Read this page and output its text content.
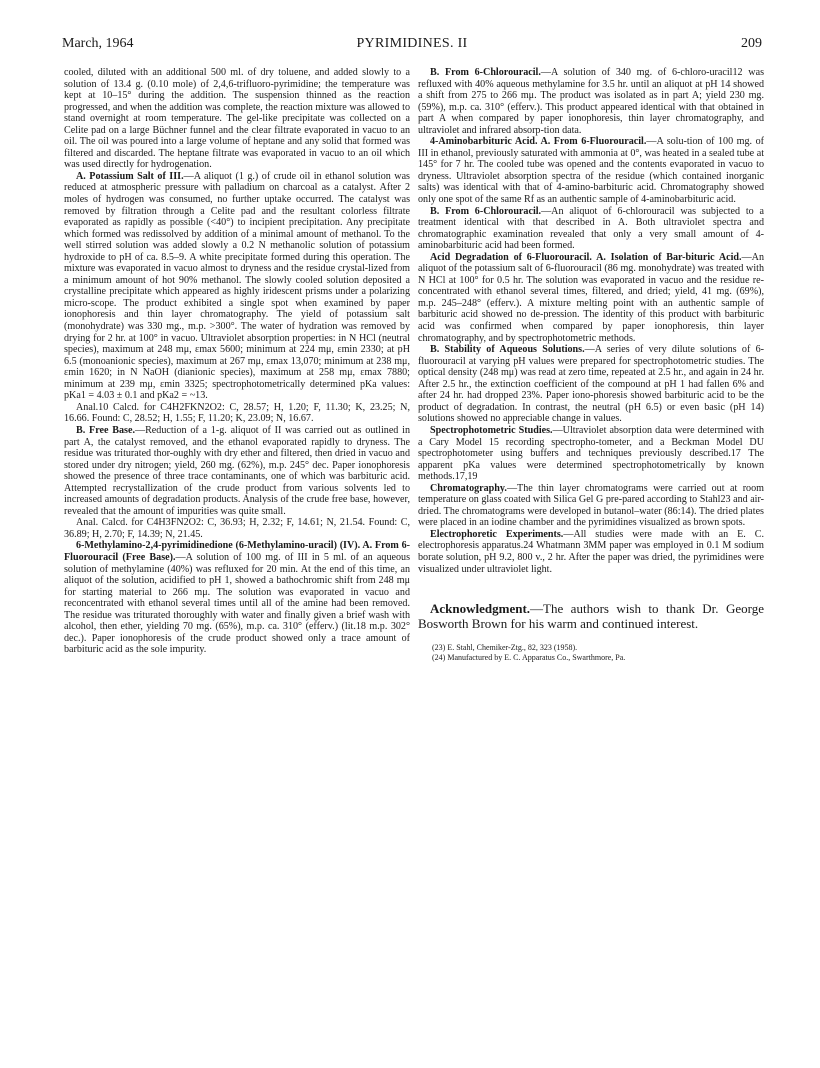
March, 1964	PYRIMIDINES. II	209

cooled, diluted with an additional 500 ml. of dry toluene, and added slowly to a solution of 13.4 g. (0.10 mole) of 2,4,6-trifluoro-pyrimidine; the temperature was kept at 10–15° during the addition. The suspension thinned as the reaction progressed, and when the addition was complete, the reaction mixture was allowed to stand overnight at room temperature. The gel-like precipitate was collected on a Celite pad on a large Büchner funnel and the clear filtrate evaporated in vacuo to an oil. The oil was poured into a large volume of heptane and any solid that formed was filtered and discarded. The heptane filtrate was evaporated in vacuo to an oil which was used directly for hydrogenation.

A. Potassium Salt of III.—A aliquot (1 g.) of crude oil in ethanol solution was reduced at atmospheric pressure with palladium on charcoal as a catalyst. After 2 moles of hydrogen was consumed, no further uptake occurred. The catalyst was removed by filtration through a Celite pad and the resultant colorless filtrate evaporated as rapidly as possible (<40°) to incipient precipitation. Any precipitate which formed was redissolved by addition of a minimal amount of methanol. To the well stirred solution was added slowly a 0.2 N methanolic solution of potassium hydroxide to pH of ca. 8.5–9. A white precipitate formed during this operation. The mixture was evaporated in vacuo almost to dryness and the residue crystal-lized from a minimum amount of hot 90% methanol. The slowly cooled solution deposited a crystalline precipitate which appeared as highly iridescent prisms under a polarizing micro-scope. The product exhibited a single spot when examined by paper ionophoresis and thin layer chromatography. The yield of potassium salt (monohydrate) was 330 mg., m.p. >300°. The water of hydration was removed by drying for 2 hr. at 100° in vacuo. Ultraviolet absorption properties: in N HCl (neutral species), maximum at 248 mμ, εmax 5600; minimum at 224 mμ, εmin 2330; at pH 6.5 (monoanionic species), maximum at 267 mμ, εmax 13,070; minimum at 238 mμ, εmin 1620; in N NaOH (dianionic species), maximum at 258 mμ, εmax 7880; minimum at 239 mμ, εmin 3325; spectrophotometrically determined pKa values: pKa1 = 4.03 ± 0.1 and pKa2 = ~13.

Anal.10 Calcd. for C4H2FKN2O2: C, 28.57; H, 1.20; F, 11.30; K, 23.25; N, 16.66. Found: C, 28.52; H, 1.55; F, 11.20; K, 23.09; N, 16.67.

B. Free Base.—Reduction of a 1-g. aliquot of II was carried out as outlined in part A, the catalyst removed, and the ethanol evaporated rapidly to dryness. The residue was triturated thor-oughly with dry ether and filtered, then dried in vacuo and stored under dry nitrogen; yield, 260 mg. (62%), m.p. 245° dec. Paper ionophoresis showed the presence of three trace contaminants, one of which was barbituric acid. Attempted recrystallization of the crude product from various solvents led to increased amounts of degradation products. Analysis of the crude free base, however, revealed that the amount of impurities was quite small.

Anal. Calcd. for C4H3FN2O2: C, 36.93; H, 2.32; F, 14.61; N, 21.54. Found: C, 36.89; H, 2.70; F, 14.39; N, 21.45.

6-Methylamino-2,4-pyrimidinedione (6-Methylamino-uracil) (IV). A. From 6-Fluorouracil (Free Base).—A solution of 100 mg. of III in 5 ml. of an aqueous solution of methylamine (40%) was refluxed for 20 min. At the end of this time, an aliquot of the solution, acidified to pH 1, showed a bathochromic shift from 248 mμ for starting material to 266 mμ. The solution was evaporated in vacuo and reconcentrated with ethanol several times until all of the amine had been removed. The residue was triturated thoroughly with water and finally given a brief wash with alcohol, then ether, yielding 70 mg. (65%), m.p. ca. 310° (efferv.) (lit.18 m.p. 302° dec.). Paper ionophoresis of the crude product showed only a trace amount of barbituric acid as the sole impurity.

B. From 6-Chlorouracil.—A solution of 340 mg. of 6-chloro-uracil12 was refluxed with 40% aqueous methylamine for 3.5 hr. until an aliquot at pH 14 showed a shift from 275 to 266 mμ. The product was isolated as in part A; yield 230 mg. (59%), m.p. ca. 310° (efferv.). This product appeared identical with that obtained in part A when compared by paper ionophoresis, thin layer chromatography, and ultraviolet and infrared absorp-tion data.

4-Aminobarbituric Acid. A. From 6-Fluorouracil.—A solu-tion of 100 mg. of III in ethanol, previously saturated with ammonia at 0°, was heated in a sealed tube at 145° for 7 hr. The cooled tube was opened and the contents evaporated in vacuo to dryness. Ultraviolet absorption spectra of the residue (which contained inorganic salts) was identical with that of 4-amino-barbituric acid. Chromatography showed only one spot of the same Rf as an authentic sample of 4-aminobarbituric acid.

B. From 6-Chlorouracil.—An aliquot of 6-chlorouracil was subjected to a treatment identical with that described in A. Both ultraviolet spectra and chromatographic examination revealed that only a very small amount of 4-aminobarbituric acid had been formed.

Acid Degradation of 6-Fluorouracil. A. Isolation of Bar-bituric Acid.—An aliquot of the potassium salt of 6-fluorouracil (86 mg. monohydrate) was treated with N HCl at 100° for 0.5 hr. The solution was evaporated in vacuo and the residue re-concentrated with ethanol several times, filtered, and dried; yield, 41 mg. (69%), m.p. 245–248° (efferv.). A mixture melting point with an authentic sample of barbituric acid showed no de-pression. The identity of this product with barbituric acid was confirmed when compared by paper ionophoresis, thin layer chromatography, and by spectrophotometric methods.

B. Stability of Aqueous Solutions.—A series of very dilute solutions of 6-fluorouracil at varying pH values were prepared for spectrophotometric studies. The optical density (248 mμ) was read at zero time, repeated at 2.5 hr., and again in 24 hr. After 2.5 hr., the extinction coefficient of the compound at pH 1 had fallen 6% and after 24 hr. had dropped 23%. Paper iono-phoresis showed barbituric acid to be the product of degradation. In contrast, the neutral (pH 6.5) or even basic (pH 14) solutions showed no appreciable change in values.

Spectrophotometric Studies.—Ultraviolet absorption data were determined with a Cary Model 15 recording spectropho-tometer, and a Beckman Model DU spectrophotometer using buffers and techniques previously described.17 The apparent pKa values were determined spectrophotometrically by known methods.17,19

Chromatography.—The thin layer chromatograms were carried out at room temperature on glass coated with Silica Gel G pre-pared according to Stahl23 and air-dried. The chromatograms were developed in butanol–water (86:14). The dried plates were placed in an iodine chamber and the pyrimidines visualized as brown spots.

Electrophoretic Experiments.—All studies were made with an E. C. electrophoresis apparatus.24 Whatmann 3MM paper was employed in 0.1 M sodium borate solution, pH 9.2, 800 v., 2 hr. After the paper was dried, the pyrimidines were visualized under ultraviolet light.

Acknowledgment.—The authors wish to thank Dr. George Bosworth Brown for his warm and continued interest.

(23) E. Stahl, Chemiker-Ztg., 82, 323 (1958).
(24) Manufactured by E. C. Apparatus Co., Swarthmore, Pa.
